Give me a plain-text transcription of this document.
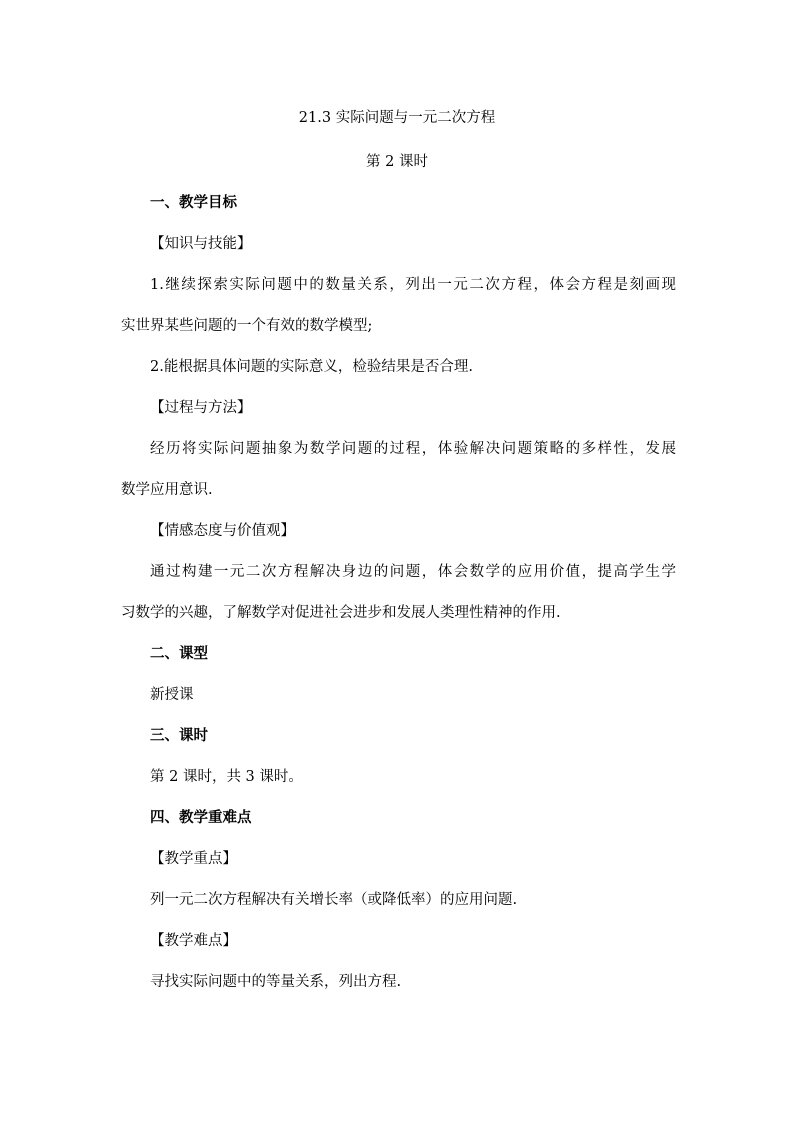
21.3 实际问题与一元二次方程
第 2 课时
一、教学目标
【知识与技能】
1.继续探索实际问题中的数量关系，列出一元二次方程，体会方程是刻画现
实世界某些问题的一个有效的数学模型;
2.能根据具体问题的实际意义，检验结果是否合理.
【过程与方法】
经历将实际问题抽象为数学问题的过程，体验解决问题策略的多样性，发展
数学应用意识.
【情感态度与价值观】
通过构建一元二次方程解决身边的问题，体会数学的应用价值，提高学生学
习数学的兴趣，了解数学对促进社会进步和发展人类理性精神的作用.
二、课型
新授课
三、课时
第 2 课时，共 3 课时。
四、教学重难点
【教学重点】
列一元二次方程解决有关增长率（或降低率）的应用问题.
【教学难点】
寻找实际问题中的等量关系，列出方程.
